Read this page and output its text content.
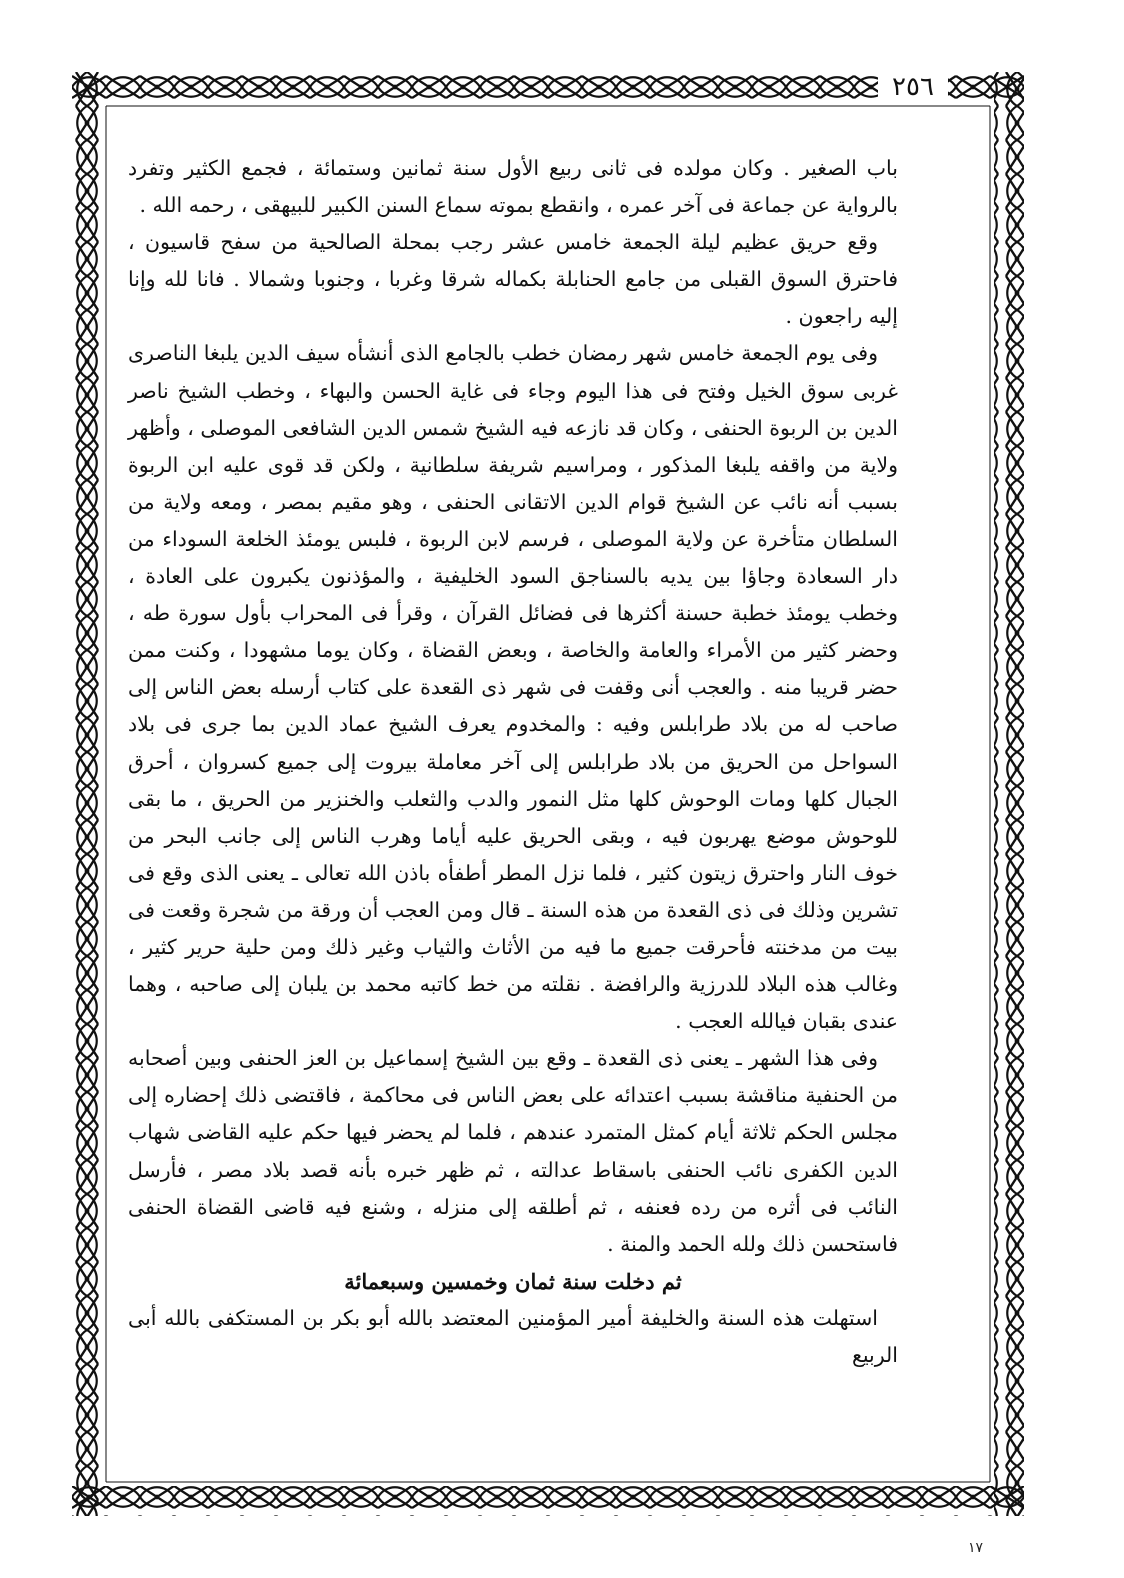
٢٥٦

باب الصغير . وكان مولده فى ثانى ربيع الأول سنة ثمانين وستمائة ، فجمع الكثير وتفرد بالرواية عن جماعة فى آخر عمره ، وانقطع بموته سماع السنن الكبير للبيهقى ، رحمه الله .

وقع حريق عظيم ليلة الجمعة خامس عشر رجب بمحلة الصالحية من سفح قاسيون ، فاحترق السوق القبلى من جامع الحنابلة بكماله شرقا وغربا ، وجنوبا وشمالا . فانا لله وإنا إليه راجعون .

وفى يوم الجمعة خامس شهر رمضان خطب بالجامع الذى أنشأه سيف الدين يلبغا الناصرى غربى سوق الخيل وفتح فى هذا اليوم وجاء فى غاية الحسن والبهاء ، وخطب الشيخ ناصر الدين بن الربوة الحنفى ، وكان قد نازعه فيه الشيخ شمس الدين الشافعى الموصلى ، وأظهر ولاية من واقفه يلبغا المذكور ، ومراسيم شريفة سلطانية ، ولكن قد قوى عليه ابن الربوة بسبب أنه نائب عن الشيخ قوام الدين الاتقانى الحنفى ، وهو مقيم بمصر ، ومعه ولاية من السلطان متأخرة عن ولاية الموصلى ، فرسم لابن الربوة ، فلبس يومئذ الخلعة السوداء من دار السعادة وجاؤا بين يديه بالسناجق السود الخليفية ، والمؤذنون يكبرون على العادة ، وخطب يومئذ خطبة حسنة أكثرها فى فضائل القرآن ، وقرأ فى المحراب بأول سورة طه ، وحضر كثير من الأمراء والعامة والخاصة ، وبعض القضاة ، وكان يوما مشهودا ، وكنت ممن حضر قريبا منه . والعجب أنى وقفت فى شهر ذى القعدة على كتاب أرسله بعض الناس إلى صاحب له من بلاد طرابلس وفيه : والمخدوم يعرف الشيخ عماد الدين بما جرى فى بلاد السواحل من الحريق من بلاد طرابلس إلى آخر معاملة بيروت إلى جميع كسروان ، أحرق الجبال كلها ومات الوحوش كلها مثل النمور والدب والثعلب والخنزير من الحريق ، ما بقى للوحوش موضع يهربون فيه ، وبقى الحريق عليه أياما وهرب الناس إلى جانب البحر من خوف النار واحترق زيتون كثير ، فلما نزل المطر أطفأه باذن الله تعالى ـ يعنى الذى وقع فى تشرين وذلك فى ذى القعدة من هذه السنة ـ قال ومن العجب أن ورقة من شجرة وقعت فى بيت من مدخنته فأحرقت جميع ما فيه من الأثاث والثياب وغير ذلك ومن حلية حرير كثير ، وغالب هذه البلاد للدرزية والرافضة . نقلته من خط كاتبه محمد بن يلبان إلى صاحبه ، وهما عندى بقبان فيالله العجب .

وفى هذا الشهر ـ يعنى ذى القعدة ـ وقع بين الشيخ إسماعيل بن العز الحنفى وبين أصحابه من الحنفية مناقشة بسبب اعتدائه على بعض الناس فى محاكمة ، فاقتضى ذلك إحضاره إلى مجلس الحكم ثلاثة أيام كمثل المتمرد عندهم ، فلما لم يحضر فيها حكم عليه القاضى شهاب الدين الكفرى نائب الحنفى باسقاط عدالته ، ثم ظهر خبره بأنه قصد بلاد مصر ، فأرسل النائب فى أثره من رده فعنفه ، ثم أطلقه إلى منزله ، وشنع فيه قاضى القضاة الحنفى فاستحسن ذلك ولله الحمد والمنة .

ثم دخلت سنة ثمان وخمسين وسبعمائة

استهلت هذه السنة والخليفة أمير المؤمنين المعتضد بالله أبو بكر بن المستكفى بالله أبى الربيع

١٧
